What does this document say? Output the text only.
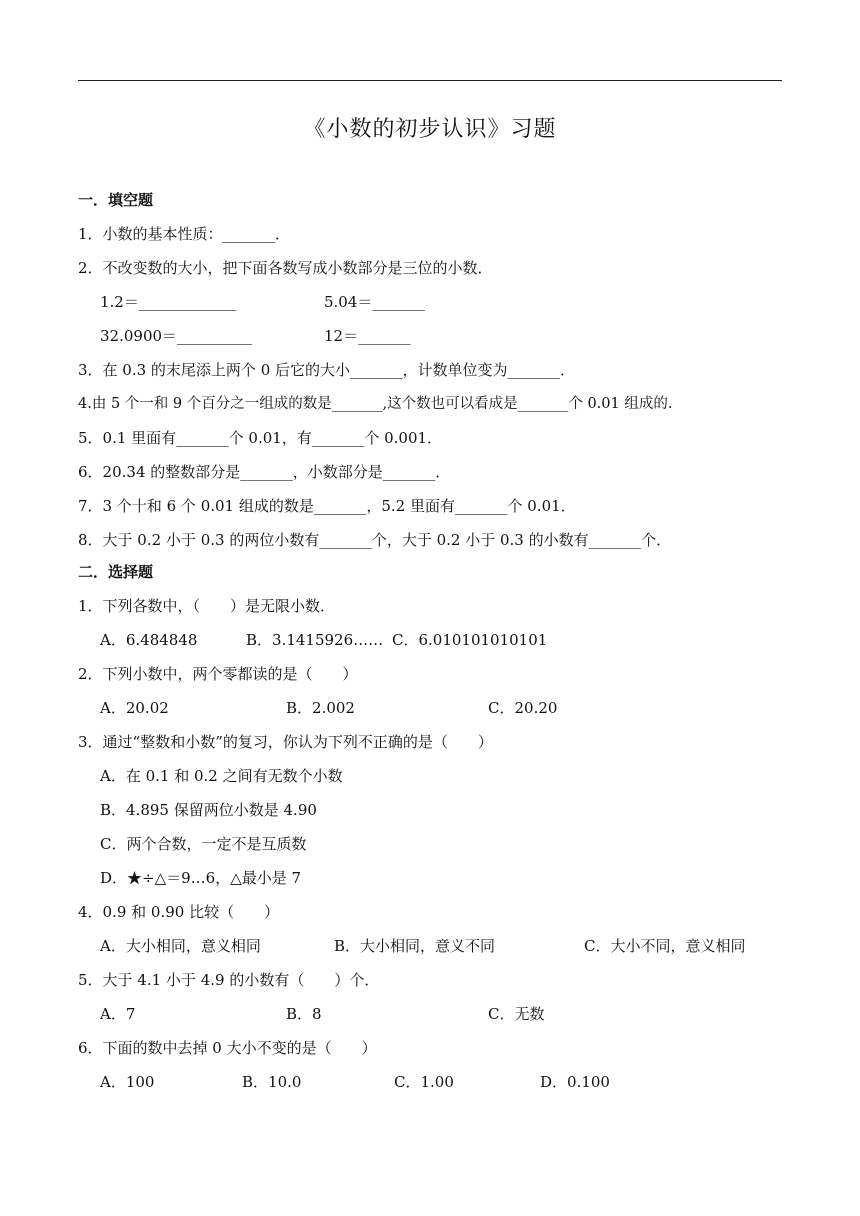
《小数的初步认识》习题
一．填空题
1．小数的基本性质：_______．
2．不改变数的大小，把下面各数写成小数部分是三位的小数．
1.2＝_____________	5.04＝_______
32.0900＝__________	12＝_______
3．在 0.3 的末尾添上两个 0 后它的大小_______，计数单位变为_______．
4.由 5 个一和 9 个百分之一组成的数是_______,这个数也可以看成是_______个 0.01 组成的.
5．0.1 里面有_______个 0.01，有_______个 0.001．
6．20.34 的整数部分是_______，小数部分是_______．
7．3 个十和 6 个 0.01 组成的数是_______，5.2 里面有_______个 0.01．
8．大于 0.2 小于 0.3 的两位小数有_______个，大于 0.2 小于 0.3 的小数有_______个．
二．选择题
1．下列各数中，（　　）是无限小数．
A．6.484848	B．3.1415926…… C．6.010101010101
2．下列小数中，两个零都读的是（　　）
A．20.02	B．2.002	C．20.20
3．通过“整数和小数”的复习，你认为下列不正确的是（　　）
A．在 0.1 和 0.2 之间有无数个小数
B．4.895 保留两位小数是 4.90
C．两个合数，一定不是互质数
D．★÷△＝9…6，△最小是 7
4．0.9 和 0.90 比较（　　）
A．大小相同，意义相同	B．大小相同，意义不同	C．大小不同，意义相同
5．大于 4.1 小于 4.9 的小数有（　　）个．
A．7	B．8	C．无数
6．下面的数中去掉 0 大小不变的是（　　）
A．100	B．10.0	C．1.00	D．0.100
